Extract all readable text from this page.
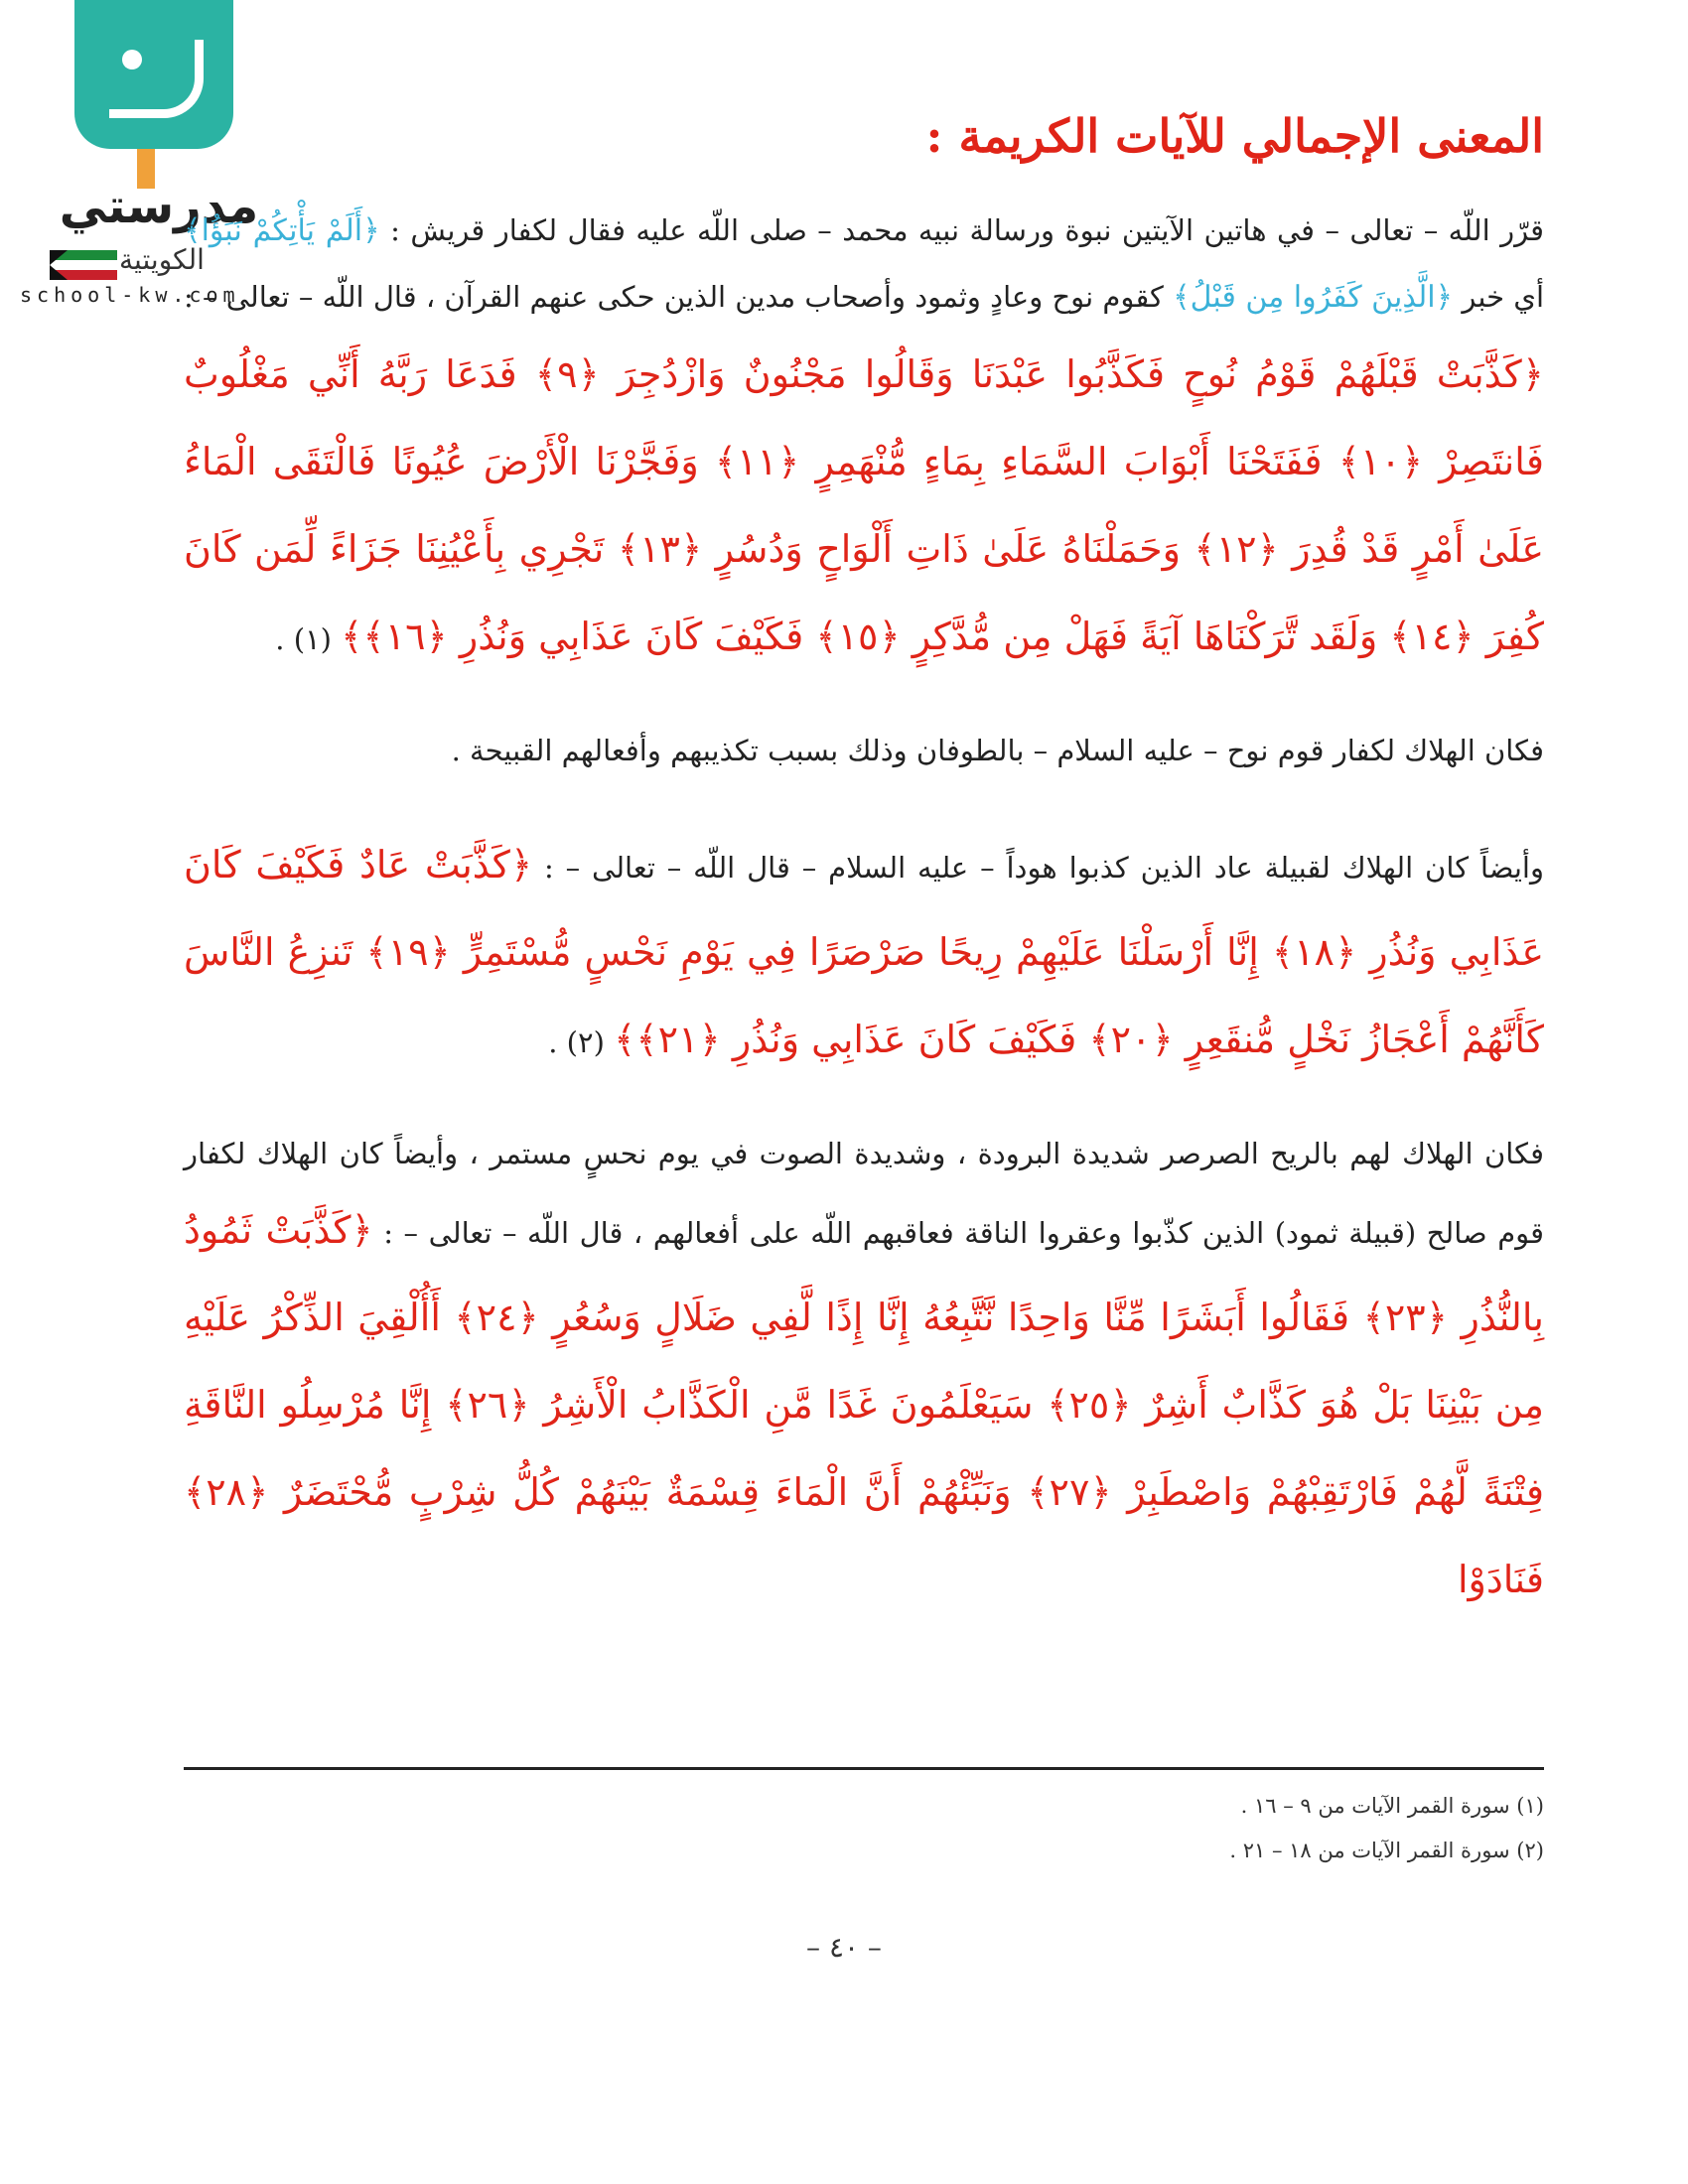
مدرستي
الكويتية
school-kw.com
المعنى الإجمالي للآيات الكريمة :

قرّر اللّه – تعالى – في هاتين الآيتين نبوة ورسالة نبيه محمد – صلى اللّه عليه فقال لكفار قريش : ﴿أَلَمْ يَأْتِكُمْ نَبَؤُا﴾ أي خبر ﴿الَّذِينَ كَفَرُوا مِن قَبْلُ﴾ كقوم نوح وعادٍ وثمود وأصحاب مدين الذين حكى عنهم القرآن ، قال اللّه – تعالى – : ﴿كَذَّبَتْ قَبْلَهُمْ قَوْمُ نُوحٍ فَكَذَّبُوا عَبْدَنَا وَقَالُوا مَجْنُونٌ وَازْدُجِرَ ﴿٩﴾ فَدَعَا رَبَّهُ أَنِّي مَغْلُوبٌ فَانتَصِرْ ﴿١٠﴾ فَفَتَحْنَا أَبْوَابَ السَّمَاءِ بِمَاءٍ مُّنْهَمِرٍ ﴿١١﴾ وَفَجَّرْنَا الْأَرْضَ عُيُونًا فَالْتَقَى الْمَاءُ عَلَىٰ أَمْرٍ قَدْ قُدِرَ ﴿١٢﴾ وَحَمَلْنَاهُ عَلَىٰ ذَاتِ أَلْوَاحٍ وَدُسُرٍ ﴿١٣﴾ تَجْرِي بِأَعْيُنِنَا جَزَاءً لِّمَن كَانَ كُفِرَ ﴿١٤﴾ وَلَقَد تَّرَكْنَاهَا آيَةً فَهَلْ مِن مُّدَّكِرٍ ﴿١٥﴾ فَكَيْفَ كَانَ عَذَابِي وَنُذُرِ ﴿١٦﴾﴾ (١) .

فكان الهلاك لكفار قوم نوح – عليه السلام – بالطوفان وذلك بسبب تكذيبهم وأفعالهم القبيحة .

وأيضاً كان الهلاك لقبيلة عاد الذين كذبوا هوداً – عليه السلام – قال اللّه – تعالى – : ﴿كَذَّبَتْ عَادٌ فَكَيْفَ كَانَ عَذَابِي وَنُذُرِ ﴿١٨﴾ إِنَّا أَرْسَلْنَا عَلَيْهِمْ رِيحًا صَرْصَرًا فِي يَوْمِ نَحْسٍ مُّسْتَمِرٍّ ﴿١٩﴾ تَنزِعُ النَّاسَ كَأَنَّهُمْ أَعْجَازُ نَخْلٍ مُّنقَعِرٍ ﴿٢٠﴾ فَكَيْفَ كَانَ عَذَابِي وَنُذُرِ ﴿٢١﴾﴾ (٢) .

فكان الهلاك لهم بالريح الصرصر شديدة البرودة ، وشديدة الصوت في يوم نحسٍ مستمر ، وأيضاً كان الهلاك لكفار قوم صالح (قبيلة ثمود) الذين كذّبوا وعقروا الناقة فعاقبهم اللّه على أفعالهم ، قال اللّه – تعالى – : ﴿كَذَّبَتْ ثَمُودُ بِالنُّذُرِ ﴿٢٣﴾ فَقَالُوا أَبَشَرًا مِّنَّا وَاحِدًا نَّتَّبِعُهُ إِنَّا إِذًا لَّفِي ضَلَالٍ وَسُعُرٍ ﴿٢٤﴾ أَأُلْقِيَ الذِّكْرُ عَلَيْهِ مِن بَيْنِنَا بَلْ هُوَ كَذَّابٌ أَشِرٌ ﴿٢٥﴾ سَيَعْلَمُونَ غَدًا مَّنِ الْكَذَّابُ الْأَشِرُ ﴿٢٦﴾ إِنَّا مُرْسِلُو النَّاقَةِ فِتْنَةً لَّهُمْ فَارْتَقِبْهُمْ وَاصْطَبِرْ ﴿٢٧﴾ وَنَبِّئْهُمْ أَنَّ الْمَاءَ قِسْمَةٌ بَيْنَهُمْ كُلُّ شِرْبٍ مُّحْتَضَرٌ ﴿٢٨﴾ فَنَادَوْا

(١) سورة القمر الآيات من ٩ – ١٦ .
(٢) سورة القمر الآيات من ١٨ – ٢١ .
– ٤٠ –
